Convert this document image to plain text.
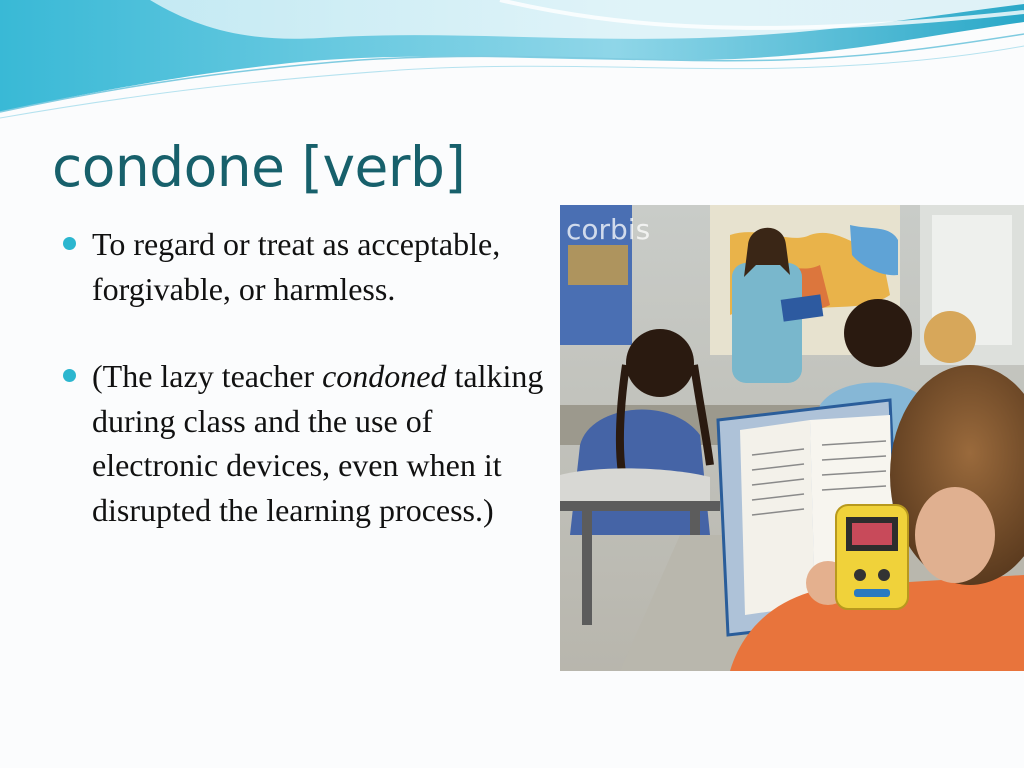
condone [verb]
To regard or treat as acceptable, forgivable, or harmless.
(The lazy teacher condoned talking during class and the use of electronic devices, even when it disrupted the learning process.)
corbis
